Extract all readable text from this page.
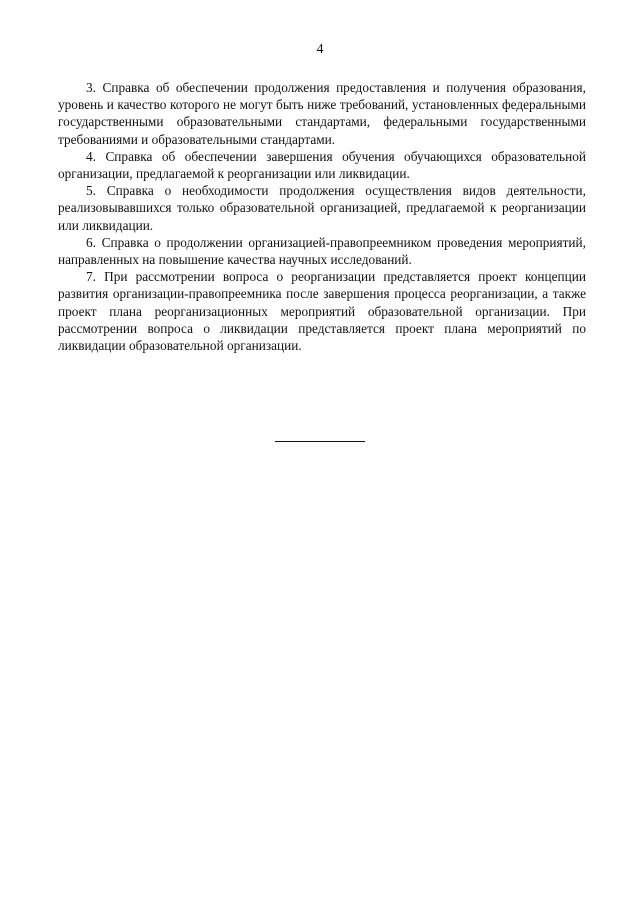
4

3. Справка об обеспечении продолжения предоставления и получения образования, уровень и качество которого не могут быть ниже требований, установленных федеральными государственными образовательными стандартами, федеральными государственными требованиями и образовательными стандартами.

4. Справка об обеспечении завершения обучения обучающихся образовательной организации, предлагаемой к реорганизации или ликвидации.

5. Справка о необходимости продолжения осуществления видов деятельности, реализовывавшихся только образовательной организацией, предлагаемой к реорганизации или ликвидации.

6. Справка о продолжении организацией-правопреемником проведения мероприятий, направленных на повышение качества научных исследований.

7. При рассмотрении вопроса о реорганизации представляется проект концепции развития организации-правопреемника после завершения процесса реорганизации, а также проект плана реорганизационных мероприятий образовательной организации. При рассмотрении вопроса о ликвидации представляется проект плана мероприятий по ликвидации образовательной организации.
